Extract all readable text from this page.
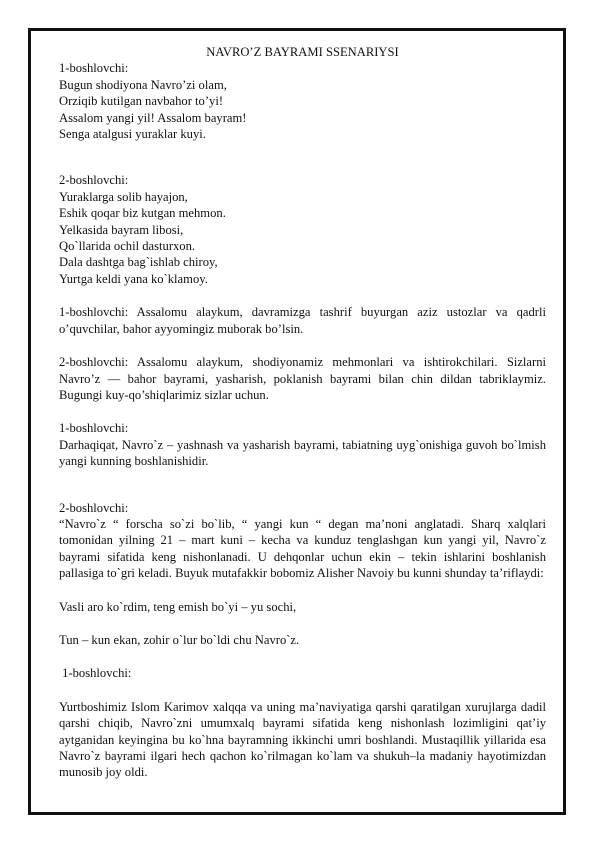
NAVRO’Z BAYRAMI SSENARIYSI
1-boshlovchi:
Bugun shodiyona Navro’zi olam,
Orziqib kutilgan navbahor to’yi!
Assalom yangi yil! Assalom bayram!
Senga atalgusi yuraklar kuyi.
2-boshlovchi:
Yuraklarga solib hayajon,
Eshik qoqar biz kutgan mehmon.
Yelkasida bayram libosi,
Qo`llarida ochil dasturxon.
Dala dashtga bag`ishlab chiroy,
Yurtga keldi yana ko`klamoy.

1-boshlovchi: Assalomu alaykum, davramizga tashrif buyurgan aziz ustozlar va qadrli o’quvchilar, bahor ayyomingiz muborak bo’lsin.

2-boshlovchi: Assalomu alaykum, shodiyonamiz mehmonlari va ishtirokchilari. Sizlarni Navro’z — bahor bayrami, yasharish, poklanish bayrami bilan chin dildan tabriklaymiz. Bugungi kuy-qo’shiqlarimiz sizlar uchun.

1-boshlovchi:

Darhaqiqat, Navro`z – yashnash va yasharish bayrami, tabiatning uyg`onishiga guvoh bo`lmish yangi kunning boshlanishidir.

2-boshlovchi:

“Navro`z “ forscha so`zi bo`lib, “ yangi kun “ degan ma’noni anglatadi. Sharq xalqlari tomonidan yilning 21 – mart kuni – kecha va kunduz tenglashgan kun yangi yil, Navro`z bayrami sifatida keng nishonlanadi. U dehqonlar uchun ekin – tekin ishlarini boshlanish pallasiga to`gri keladi. Buyuk mutafakkir bobomiz Alisher Navoiy bu kunni shunday ta’riflaydi:

Vasli aro ko`rdim, teng emish bo`yi – yu sochi,
Tun – kun ekan, zohir o`lur bo`ldi chu Navro`z.
1-boshlovchi:

Yurtboshimiz Islom Karimov xalqqa va uning ma’naviyatiga qarshi qaratilgan xurujlarga dadil qarshi chiqib, Navro`zni umumxalq bayrami sifatida keng nishonlash lozimligini qat’iy aytganidan keyingina bu ko`hna bayramning ikkinchi umri boshlandi. Mustaqillik yillarida esa Navro`z bayrami ilgari hech qachon ko`rilmagan ko`lam va shukuh–la madaniy hayotimizdan munosib joy oldi.
